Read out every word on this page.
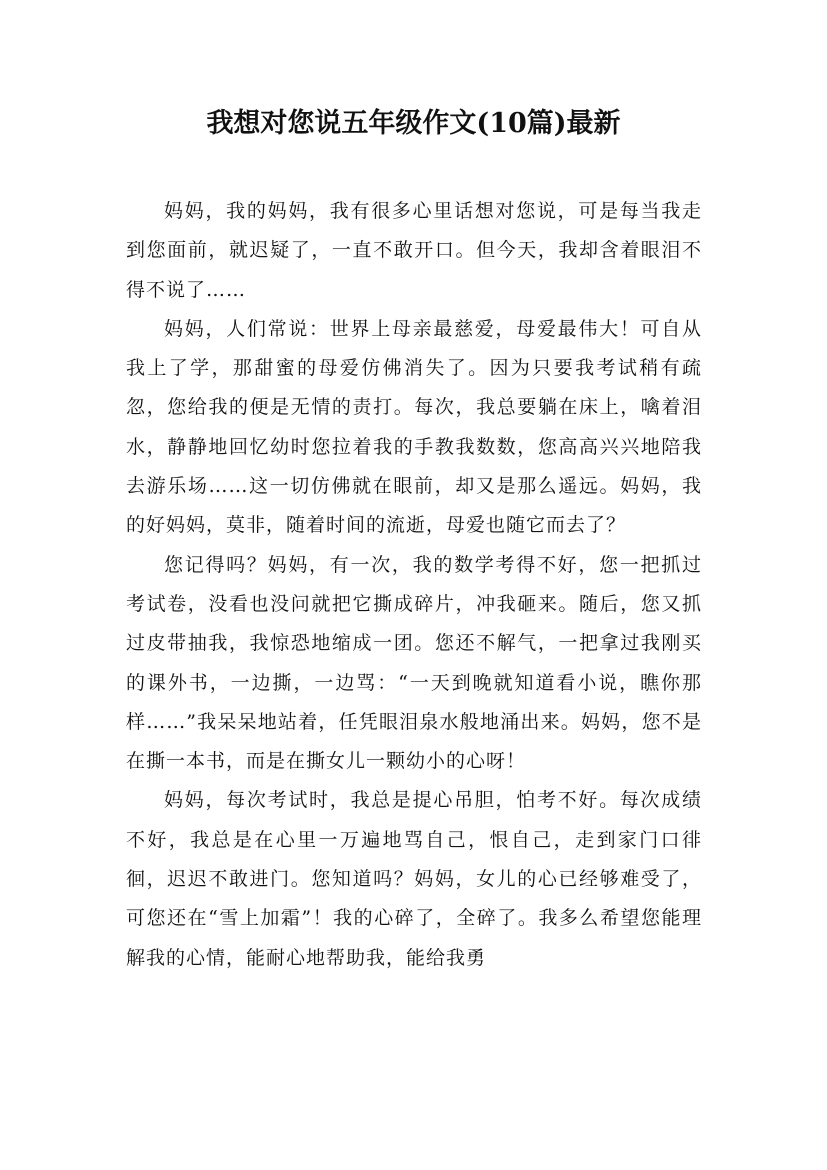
我想对您说五年级作文(10篇)最新

妈妈，我的妈妈，我有很多心里话想对您说，可是每当我走到您面前，就迟疑了，一直不敢开口。但今天，我却含着眼泪不得不说了……

妈妈，人们常说：世界上母亲最慈爱，母爱最伟大！可自从我上了学，那甜蜜的母爱仿佛消失了。因为只要我考试稍有疏忽，您给我的便是无情的责打。每次，我总要躺在床上，噙着泪水，静静地回忆幼时您拉着我的手教我数数，您高高兴兴地陪我去游乐场……这一切仿佛就在眼前，却又是那么遥远。妈妈，我的好妈妈，莫非，随着时间的流逝，母爱也随它而去了？

您记得吗？妈妈，有一次，我的数学考得不好，您一把抓过考试卷，没看也没问就把它撕成碎片，冲我砸来。随后，您又抓过皮带抽我，我惊恐地缩成一团。您还不解气，一把拿过我刚买的课外书，一边撕，一边骂：“一天到晚就知道看小说，瞧你那样……”我呆呆地站着，任凭眼泪泉水般地涌出来。妈妈，您不是在撕一本书，而是在撕女儿一颗幼小的心呀！

妈妈，每次考试时，我总是提心吊胆，怕考不好。每次成绩不好，我总是在心里一万遍地骂自己，恨自己，走到家门口徘徊，迟迟不敢进门。您知道吗？妈妈，女儿的心已经够难受了，可您还在“雪上加霜”！我的心碎了，全碎了。我多么希望您能理解我的心情，能耐心地帮助我，能给我勇
